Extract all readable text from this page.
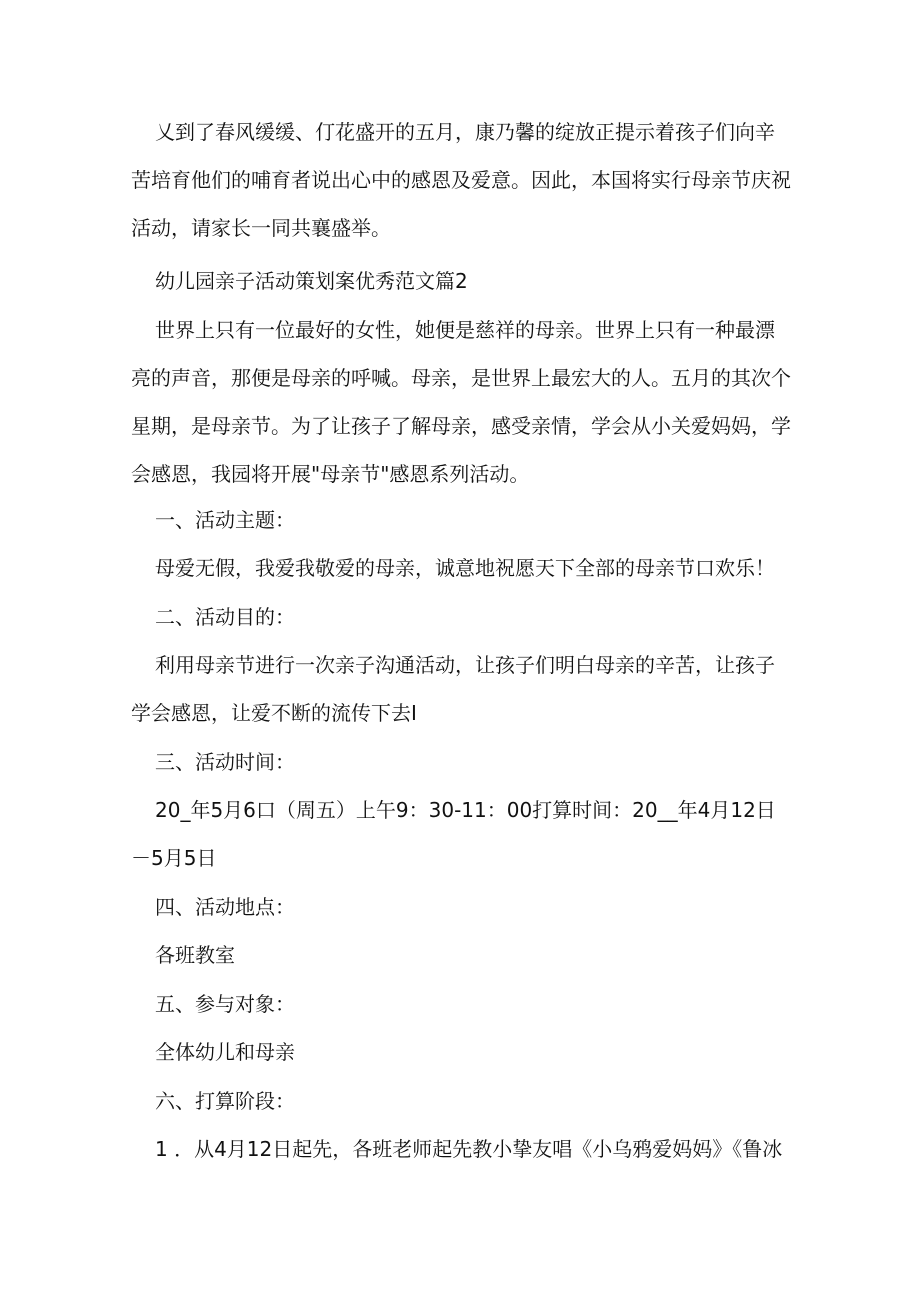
乂到了春风缓缓、仃花盛开的五月，康乃馨的绽放正提示着孩子们向辛苦培育他们的哺育者说出心中的感恩及爱意。因此，本国将实行母亲节庆祝活动，请家长一同共襄盛举。

幼儿园亲子活动策划案优秀范文篇2

世界上只有一位最好的女性，她便是慈祥的母亲。世界上只有一种最漂亮的声音，那便是母亲的呼喊。母亲，是世界上最宏大的人。五月的其次个星期，是母亲节。为了让孩子了解母亲，感受亲情，学会从小关爱妈妈，学会感恩，我园将开展"母亲节"感恩系列活动。

一、活动主题：

母爱无假，我爱我敬爱的母亲，诚意地祝愿天下全部的母亲节口欢乐！

二、活动目的：

利用母亲节进行一次亲子沟通活动，让孩子们明白母亲的辛苦，让孩子学会感恩，让爱不断的流传下去I

三、活动时间：

20_年5月6口（周五）上午9：30-11：00打算时间：20__年4月12日－5月5日

四、活动地点：

各班教室

五、参与对象：

全体幼儿和母亲

六、打算阶段：

1 ．从4月12日起先，各班老师起先教小挚友唱《小乌鸦爱妈妈》《鲁冰
